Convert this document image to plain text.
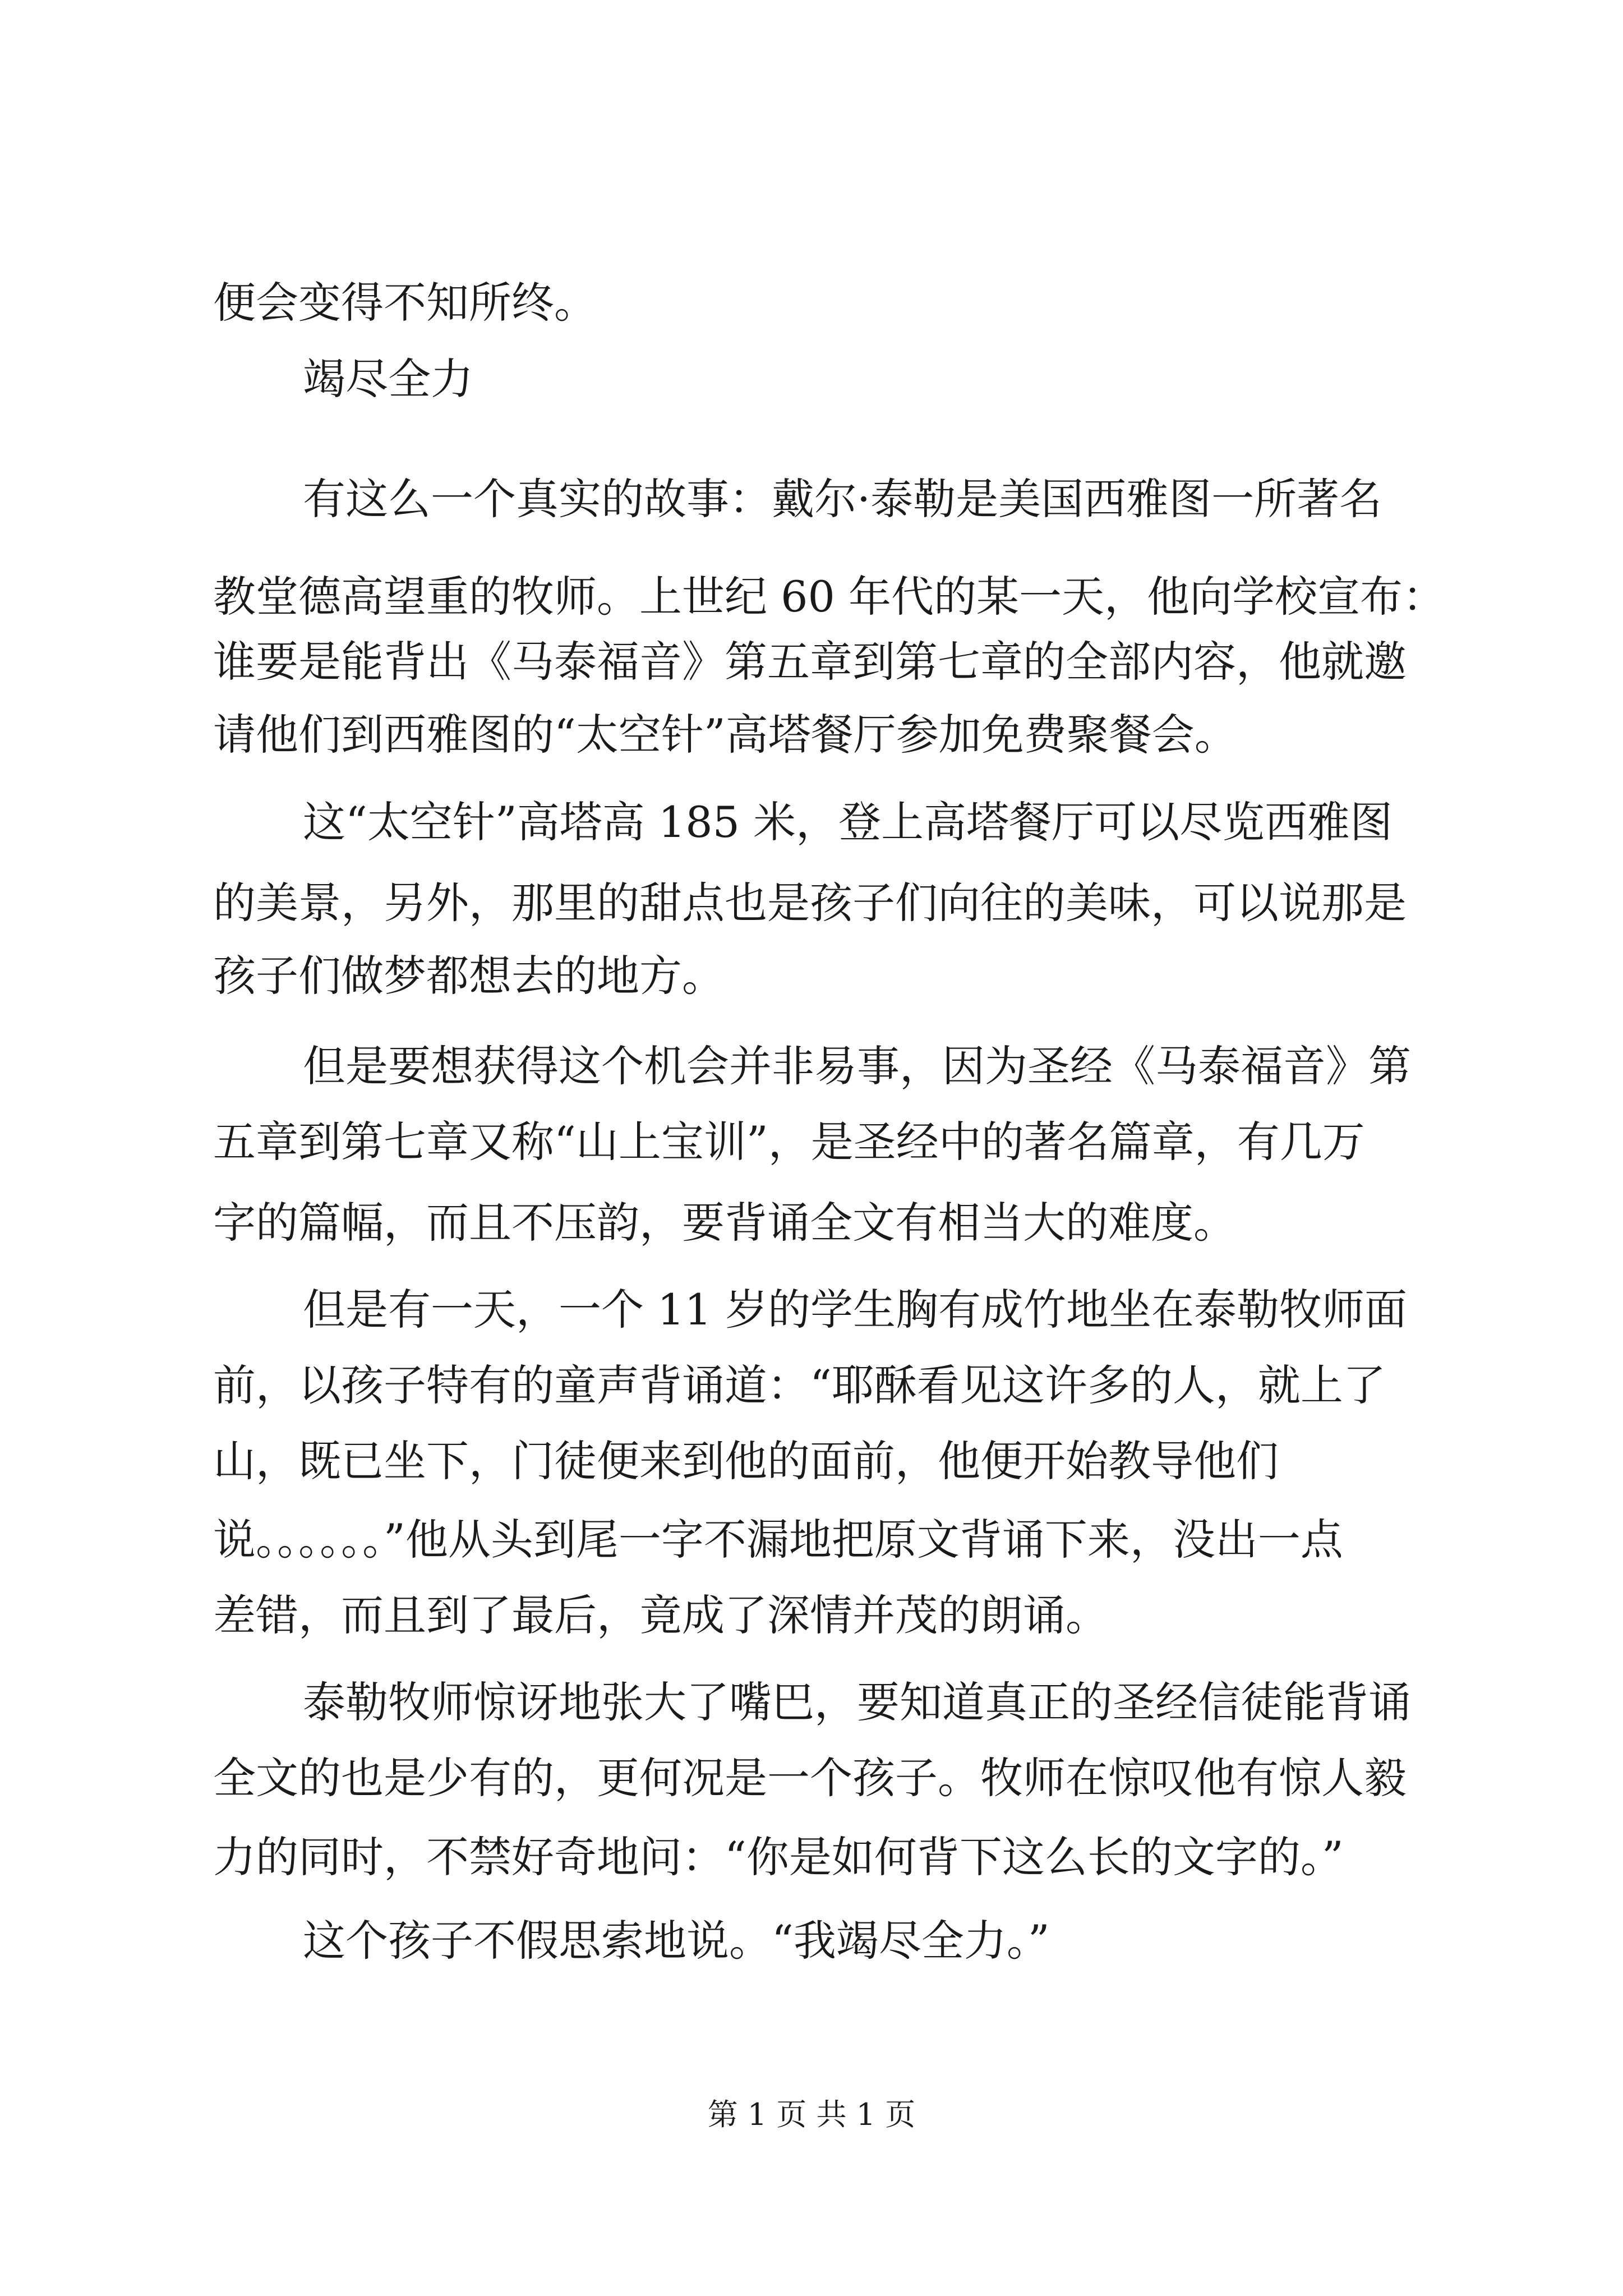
便会变得不知所终。
竭尽全力
有这么一个真实的故事：戴尔·泰勒是美国西雅图一所著名
教堂德高望重的牧师。上世纪 60 年代的某一天，他向学校宣布：
谁要是能背出《马泰福音》第五章到第七章的全部内容，他就邀
请他们到西雅图的“太空针”高塔餐厅参加免费聚餐会。
这“太空针”高塔高 185 米，登上高塔餐厅可以尽览西雅图
的美景，另外，那里的甜点也是孩子们向往的美味，可以说那是
孩子们做梦都想去的地方。
但是要想获得这个机会并非易事，因为圣经《马泰福音》第
五章到第七章又称“山上宝训”，是圣经中的著名篇章，有几万
字的篇幅，而且不压韵，要背诵全文有相当大的难度。
但是有一天，一个 11 岁的学生胸有成竹地坐在泰勒牧师面
前，以孩子特有的童声背诵道：“耶酥看见这许多的人，就上了
山，既已坐下，门徒便来到他的面前，他便开始教导他们
说。。。。。。”他从头到尾一字不漏地把原文背诵下来，没出一点
差错，而且到了最后，竟成了深情并茂的朗诵。
泰勒牧师惊讶地张大了嘴巴，要知道真正的圣经信徒能背诵
全文的也是少有的，更何况是一个孩子。牧师在惊叹他有惊人毅
力的同时，不禁好奇地问：“你是如何背下这么长的文字的。”
这个孩子不假思索地说。“我竭尽全力。”
第 1 页 共 1 页
